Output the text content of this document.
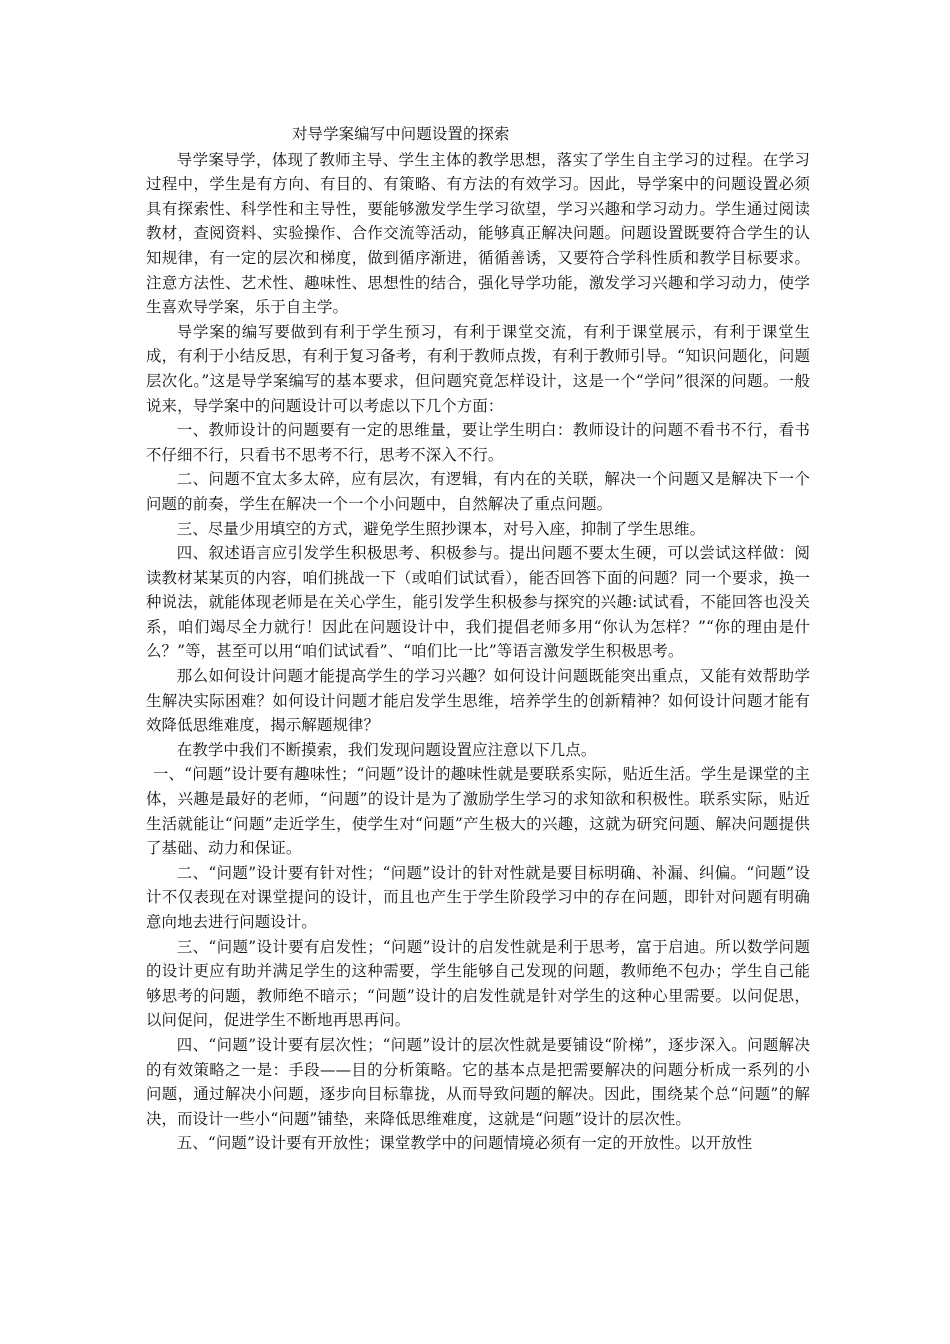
对导学案编写中问题设置的探索

导学案导学，体现了教师主导、学生主体的教学思想，落实了学生自主学习的过程。在学习过程中，学生是有方向、有目的、有策略、有方法的有效学习。因此，导学案中的问题设置必须具有探索性、科学性和主导性，要能够激发学生学习欲望，学习兴趣和学习动力。学生通过阅读教材，查阅资料、实验操作、合作交流等活动，能够真正解决问题。问题设置既要符合学生的认知规律，有一定的层次和梯度，做到循序渐进，循循善诱，又要符合学科性质和教学目标要求。注意方法性、艺术性、趣味性、思想性的结合，强化导学功能，激发学习兴趣和学习动力，使学生喜欢导学案，乐于自主学。

导学案的编写要做到有利于学生预习，有利于课堂交流，有利于课堂展示，有利于课堂生成，有利于小结反思，有利于复习备考，有利于教师点拨，有利于教师引导。“知识问题化，问题层次化。”这是导学案编写的基本要求，但问题究竟怎样设计，这是一个“学问”很深的问题。一般说来，导学案中的问题设计可以考虑以下几个方面：

一、教师设计的问题要有一定的思维量，要让学生明白：教师设计的问题不看书不行，看书不仔细不行，只看书不思考不行，思考不深入不行。

二、问题不宜太多太碎，应有层次，有逻辑，有内在的关联，解决一个问题又是解决下一个问题的前奏，学生在解决一个一个小问题中，自然解决了重点问题。

三、尽量少用填空的方式，避免学生照抄课本，对号入座，抑制了学生思维。

四、叙述语言应引发学生积极思考、积极参与。提出问题不要太生硬，可以尝试这样做：阅读教材某某页的内容，咱们挑战一下（或咱们试试看），能否回答下面的问题？同一个要求，换一种说法，就能体现老师是在关心学生，能引发学生积极参与探究的兴趣:试试看，不能回答也没关系，咱们竭尽全力就行！因此在问题设计中，我们提倡老师多用“你认为怎样？”“你的理由是什么？”等，甚至可以用“咱们试试看”、“咱们比一比”等语言激发学生积极思考。

那么如何设计问题才能提高学生的学习兴趣？如何设计问题既能突出重点，又能有效帮助学生解决实际困难？如何设计问题才能启发学生思维，培养学生的创新精神？如何设计问题才能有效降低思维难度，揭示解题规律？

在教学中我们不断摸索，我们发现问题设置应注意以下几点。

一、“问题”设计要有趣味性；“问题”设计的趣味性就是要联系实际，贴近生活。学生是课堂的主体，兴趣是最好的老师，“问题”的设计是为了激励学生学习的求知欲和积极性。联系实际，贴近生活就能让“问题”走近学生，使学生对“问题”产生极大的兴趣，这就为研究问题、解决问题提供了基础、动力和保证。

二、“问题”设计要有针对性；“问题”设计的针对性就是要目标明确、补漏、纠偏。“问题”设计不仅表现在对课堂提问的设计，而且也产生于学生阶段学习中的存在问题，即针对问题有明确意向地去进行问题设计。

三、“问题”设计要有启发性；“问题”设计的启发性就是利于思考，富于启迪。所以数学问题的设计更应有助并满足学生的这种需要，学生能够自己发现的问题，教师绝不包办；学生自己能够思考的问题，教师绝不暗示；“问题”设计的启发性就是针对学生的这种心里需要。以问促思，以问促问，促进学生不断地再思再问。

四、“问题”设计要有层次性；“问题”设计的层次性就是要铺设“阶梯”，逐步深入。问题解决的有效策略之一是：手段——目的分析策略。它的基本点是把需要解决的问题分析成一系列的小问题，通过解决小问题，逐步向目标靠拢，从而导致问题的解决。因此，围绕某个总“问题”的解决，而设计一些小“问题”铺垫，来降低思维难度，这就是“问题”设计的层次性。

五、“问题”设计要有开放性；课堂教学中的问题情境必须有一定的开放性。以开放性
